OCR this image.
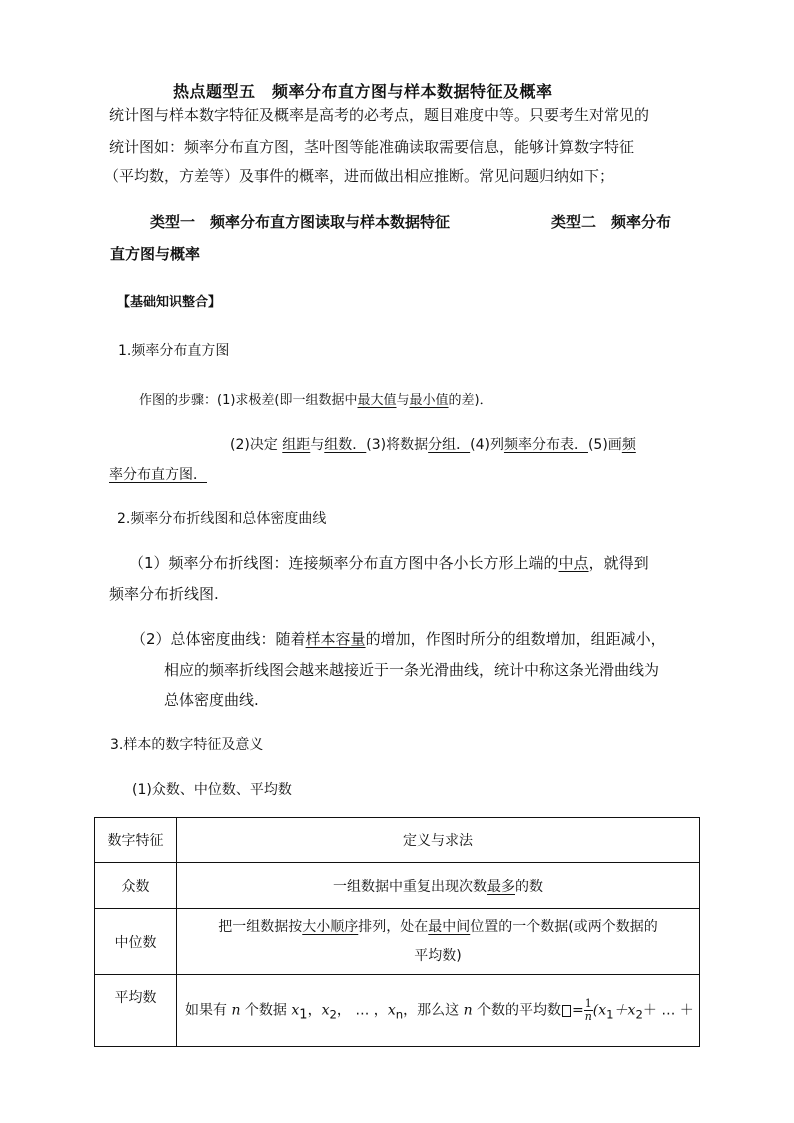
热点题型五　频率分布直方图与样本数据特征及概率
统计图与样本数字特征及概率是高考的必考点，题目难度中等。只要考生对常见的
统计图如：频率分布直方图，茎叶图等能准确读取需要信息，能够计算数字特征
（平均数，方差等）及事件的概率，进而做出相应推断。常见问题归纳如下；
类型一　频率分布直方图读取与样本数据特征	类型二　频率分布
直方图与概率
【基础知识整合】
1.频率分布直方图
作图的步骤：(1)求极差(即一组数据中最大值与最小值的差)．
(2)决定 组距与组数．(3)将数据分组．(4)列频率分布表．(5)画频
率分布直方图．
2.频率分布折线图和总体密度曲线
（1）频率分布折线图：连接频率分布直方图中各小长方形上端的中点，就得到
频率分布折线图.
（2）总体密度曲线：随着样本容量的增加，作图时所分的组数增加，组距减小，
相应的频率折线图会越来越接近于一条光滑曲线，统计中称这条光滑曲线为
总体密度曲线.
3.样本的数字特征及意义
(1)众数、中位数、平均数
数字特征	定义与求法
众数	一组数据中重复出现次数最多的数
中位数	把一组数据按大小顺序排列，处在最中间位置的一个数据(或两个数据的
平均数)
平均数	如果有 n 个数据 $x_1$，$x_2$， … ，$x_n$，那么这 n 个数的平均数 = $\frac{1}{n} (x_1+x_2+$ … ＋
